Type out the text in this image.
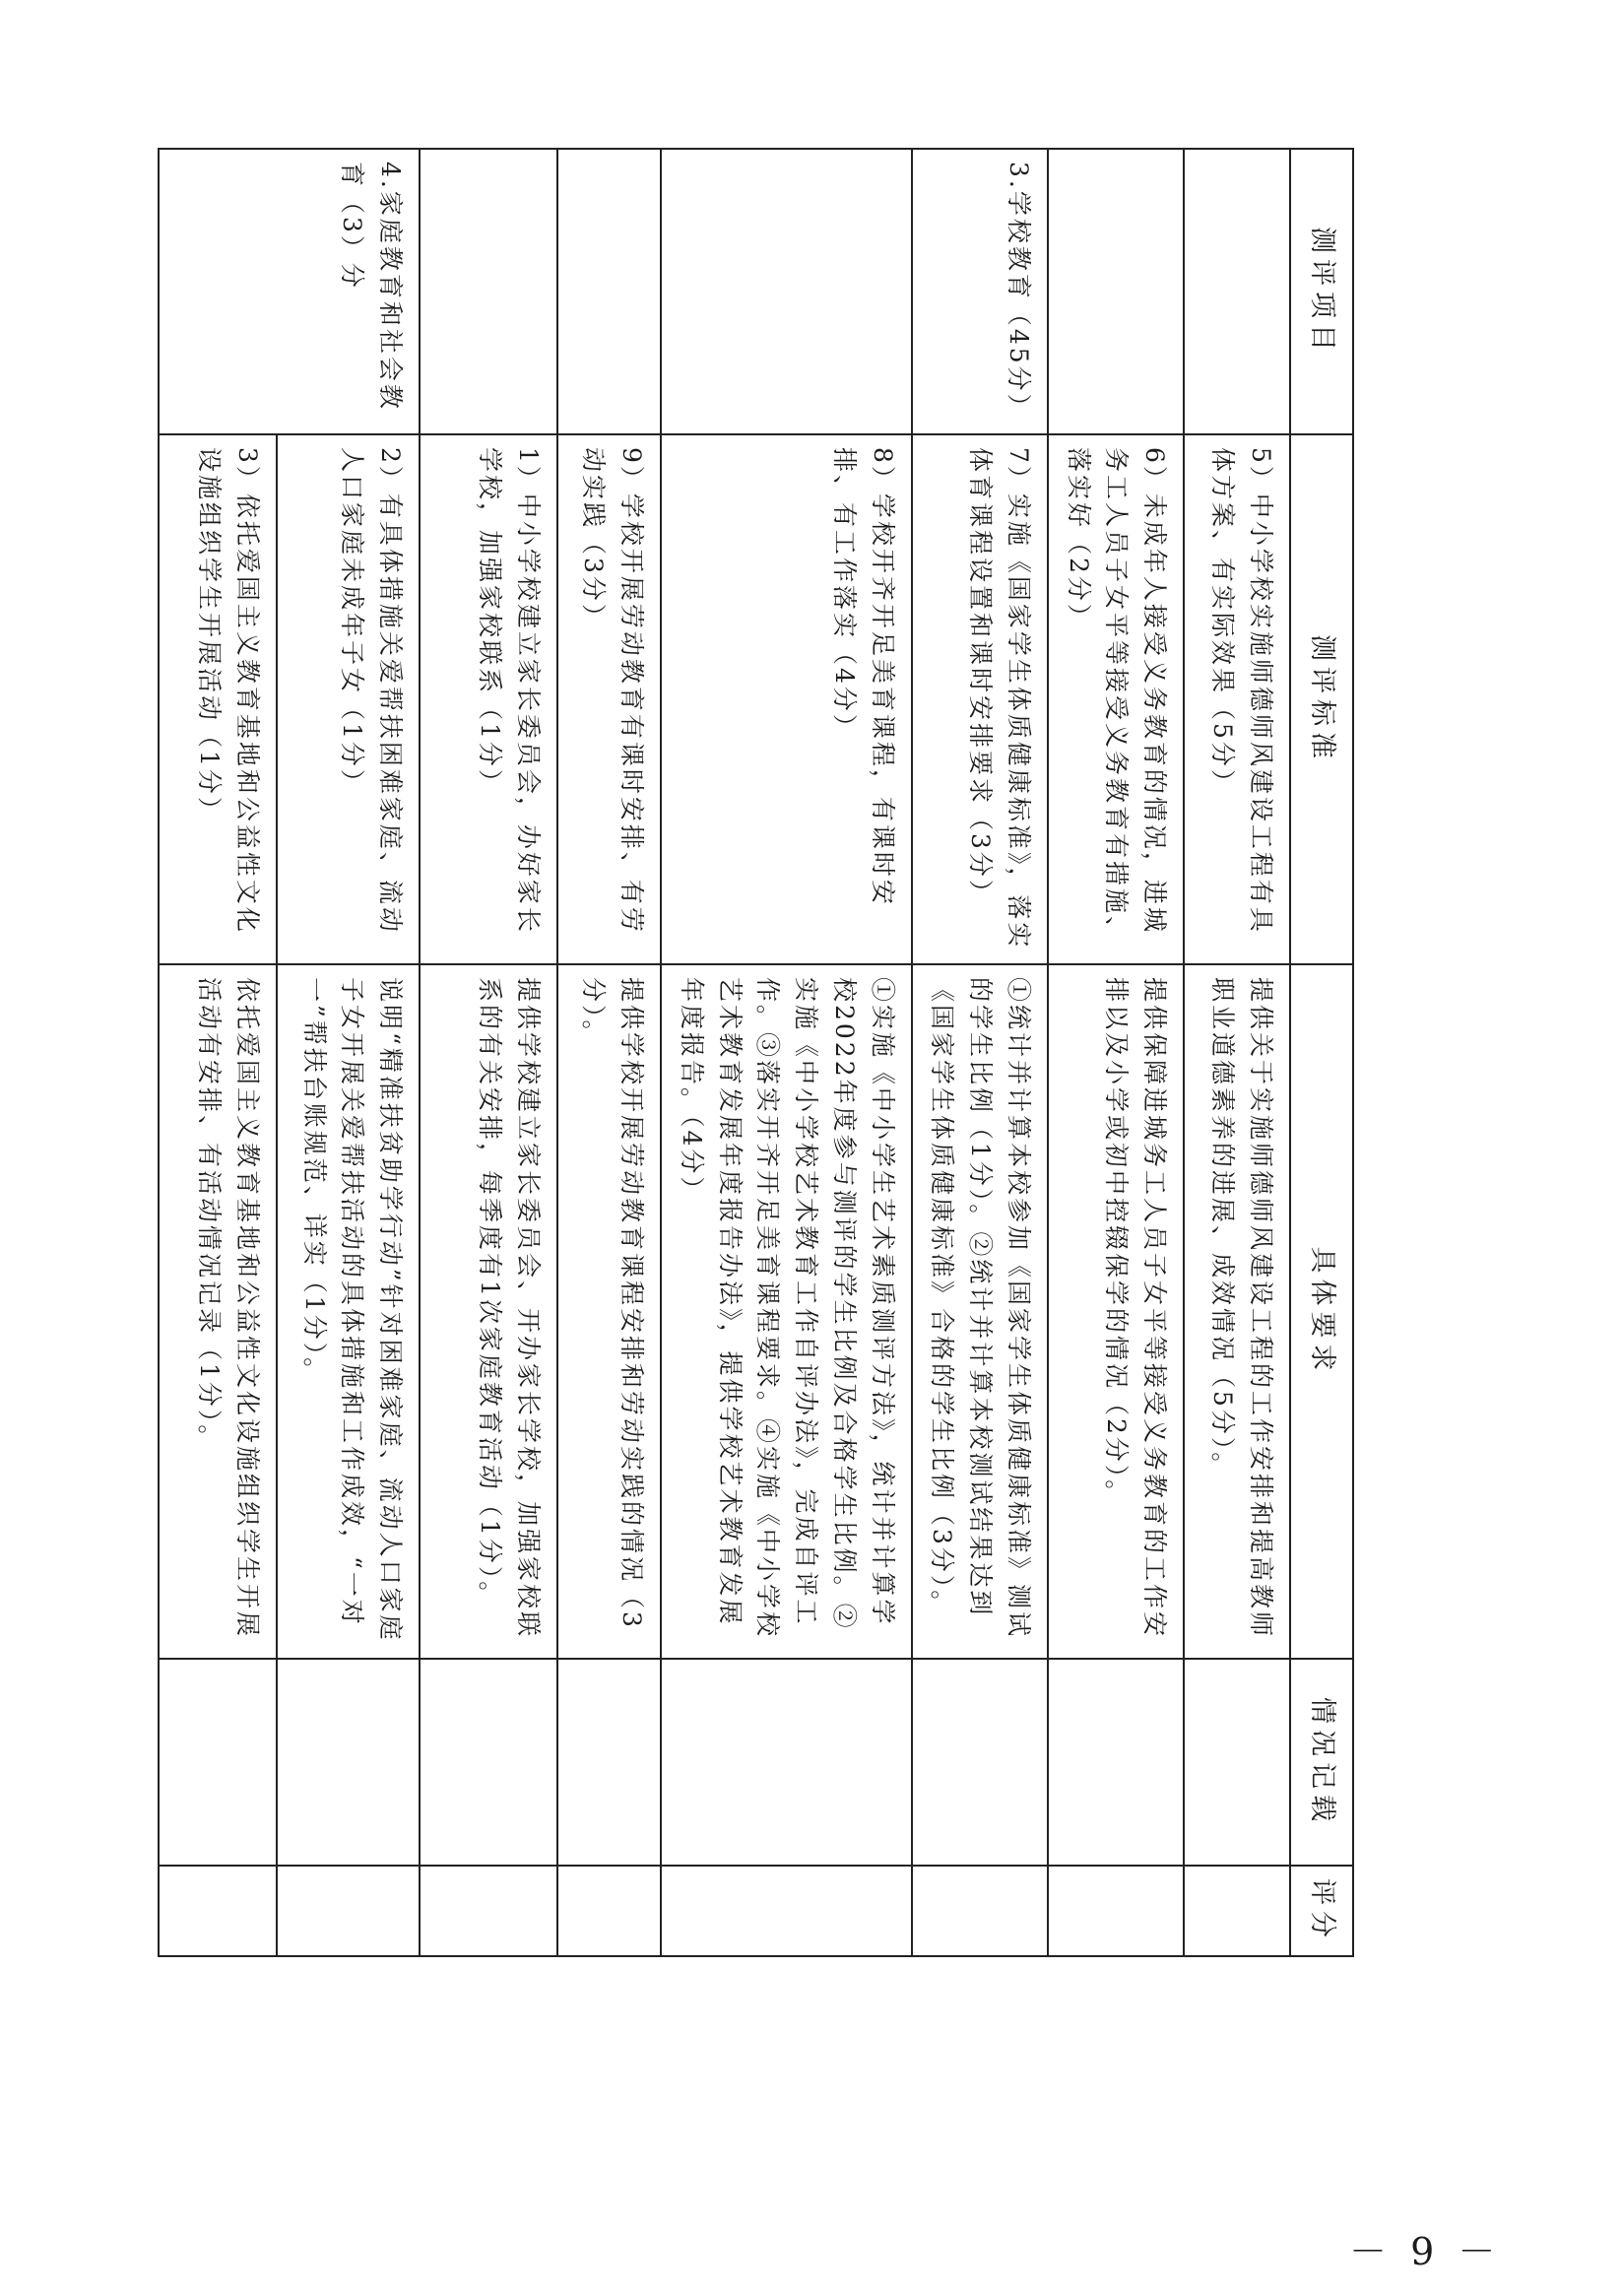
测评项目	测评标准	具体要求	情况记载	评分
	5）中小学校实施师德师风建设工程有具体方案、有实际效果（5分）	提供关于实施师德师风建设工程的工作安排和提高教师职业道德素养的进展、成效情况（5分）。		
	6）未成年人接受义务教育的情况，进城务工人员子女平等接受义务教育有措施、落实好（2分）	提供保障进城务工人员子女平等接受义务教育的工作安排以及小学或初中控辍保学的情况（2分）。		
3.学校教育（45分）	7）实施《国家学生体质健康标准》，落实体育课程设置和课时安排要求（3分）	①统计并计算本校参加《国家学生体质健康标准》测试的学生比例（1分）。②统计并计算本校测试结果达到《国家学生体质健康标准》合格的学生比例（3分）。		
	8）学校开齐开足美育课程，有课时安排、有工作落实（4分）	①实施《中小学生艺术素质测评方法》，统计并计算学校2022年度参与测评的学生比例及合格学生比例。②实施《中小学校艺术教育工作自评办法》，完成自评工作。③落实开齐开足美育课程要求。④实施《中小学校艺术教育发展年度报告办法》，提供学校艺术教育发展年度报告。（4分）		
	9）学校开展劳动教育有课时安排、有劳动实践（3分）	提供学校开展劳动教育课程安排和劳动实践的情况（3分）。		
	1）中小学校建立家长委员会，办好家长学校，加强家校联系（1分）	提供学校建立家长委员会、开办家长学校，加强家校联系的有关安排，每季度有1次家庭教育活动（1分）。		
4.家庭教育和社会教育（3）分	2）有具体措施关爱帮扶困难家庭、流动人口家庭未成年子女（1分）	说明“精准扶贫助学行动”针对困难家庭、流动人口家庭子女开展关爱帮扶活动的具体措施和工作成效，“一对一”帮扶台账规范、详实（1分）。		
	3）依托爱国主义教育基地和公益性文化设施组织学生开展活动（1分）	依托爱国主义教育基地和公益性文化设施组织学生开展活动有安排、有活动情况记录（1分）。		
－ 9 －
